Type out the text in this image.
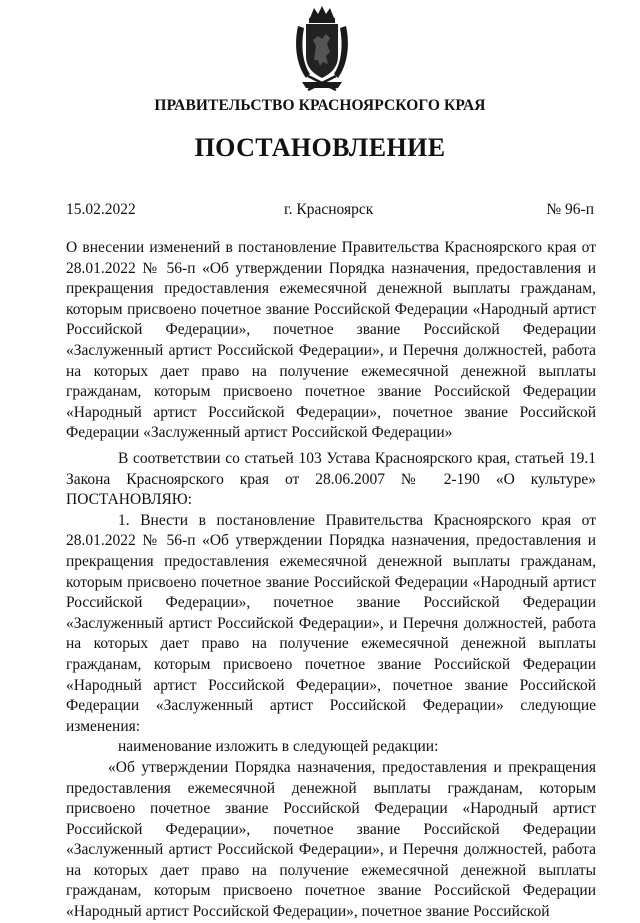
ПРАВИТЕЛЬСТВО КРАСНОЯРСКОГО КРАЯ
ПОСТАНОВЛЕНИЕ
15.02.2022	г. Красноярск	№ 96-п
О внесении изменений в постановление Правительства Красноярского края от 28.01.2022 № 56-п «Об утверждении Порядка назначения, предоставления и прекращения предоставления ежемесячной денежной выплаты гражданам, которым присвоено почетное звание Российской Федерации «Народный артист Российской Федерации», почетное звание Российской Федерации «Заслуженный артист Российской Федерации», и Перечня должностей, работа на которых дает право на получение ежемесячной денежной выплаты гражданам, которым присвоено почетное звание Российской Федерации «Народный артист Российской Федерации», почетное звание Российской Федерации «Заслуженный артист Российской Федерации»

В соответствии со статьей 103 Устава Красноярского края, статьей 19.1 Закона Красноярского края от 28.06.2007 № 2-190 «О культуре» ПОСТАНОВЛЯЮ:

1. Внести в постановление Правительства Красноярского края от 28.01.2022 № 56-п «Об утверждении Порядка назначения, предоставления и прекращения предоставления ежемесячной денежной выплаты гражданам, которым присвоено почетное звание Российской Федерации «Народный артист Российской Федерации», почетное звание Российской Федерации «Заслуженный артист Российской Федерации», и Перечня должностей, работа на которых дает право на получение ежемесячной денежной выплаты гражданам, которым присвоено почетное звание Российской Федерации «Народный артист Российской Федерации», почетное звание Российской Федерации «Заслуженный артист Российской Федерации» следующие изменения:

наименование изложить в следующей редакции:

«Об утверждении Порядка назначения, предоставления и прекращения предоставления ежемесячной денежной выплаты гражданам, которым присвоено почетное звание Российской Федерации «Народный артист Российской Федерации», почетное звание Российской Федерации «Заслуженный артист Российской Федерации», и Перечня должностей, работа на которых дает право на получение ежемесячной денежной выплаты гражданам, которым присвоено почетное звание Российской Федерации «Народный артист Российской Федерации», почетное звание Российской
